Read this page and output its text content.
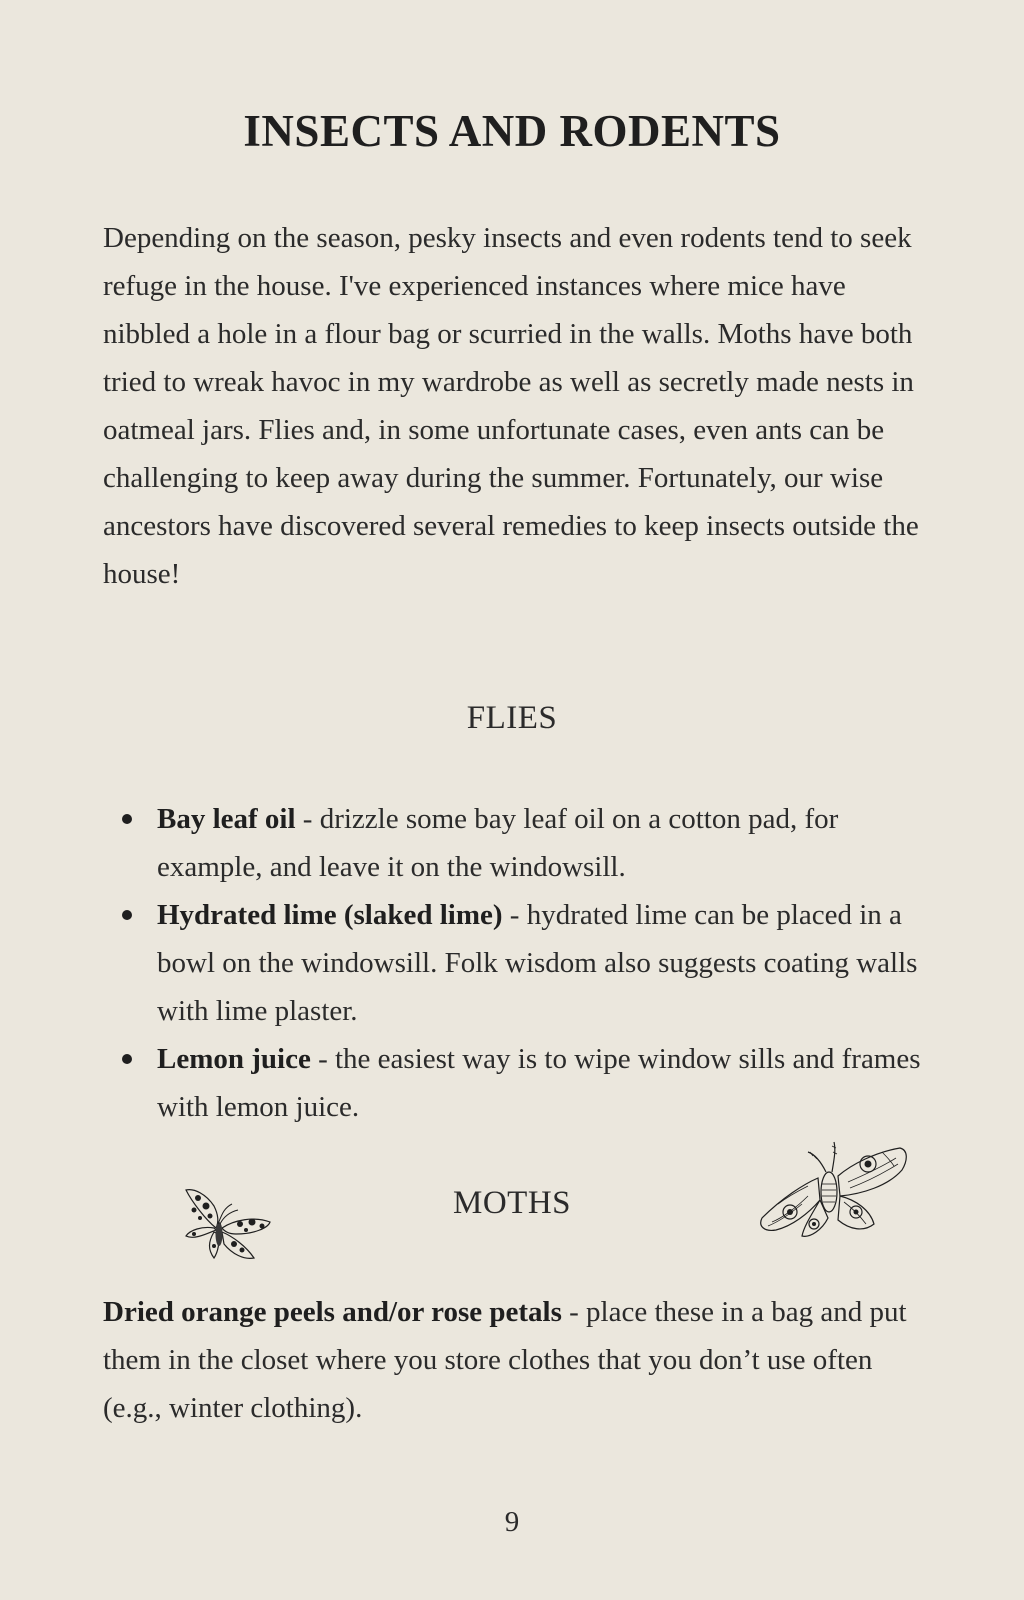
INSECTS AND RODENTS

Depending on the season, pesky insects and even rodents tend to seek refuge in the house. I've experienced instances where mice have nibbled a hole in a flour bag or scurried in the walls. Moths have both tried to wreak havoc in my wardrobe as well as secretly made nests in oatmeal jars. Flies and, in some unfortunate cases, even ants can be challenging to keep away during the summer. Fortunately, our wise ancestors have discovered several remedies to keep insects outside the house!

FLIES
Bay leaf oil - drizzle some bay leaf oil on a cotton pad, for example, and leave it on the windowsill.
Hydrated lime (slaked lime) - hydrated lime can be placed in a bowl on the windowsill. Folk wisdom also suggests coating walls with lime plaster.
Lemon juice - the easiest way is to wipe window sills and frames with lemon juice.
MOTHS

Dried orange peels and/or rose petals - place these in a bag and put them in the closet where you store clothes that you don’t use often (e.g., winter clothing).

9
